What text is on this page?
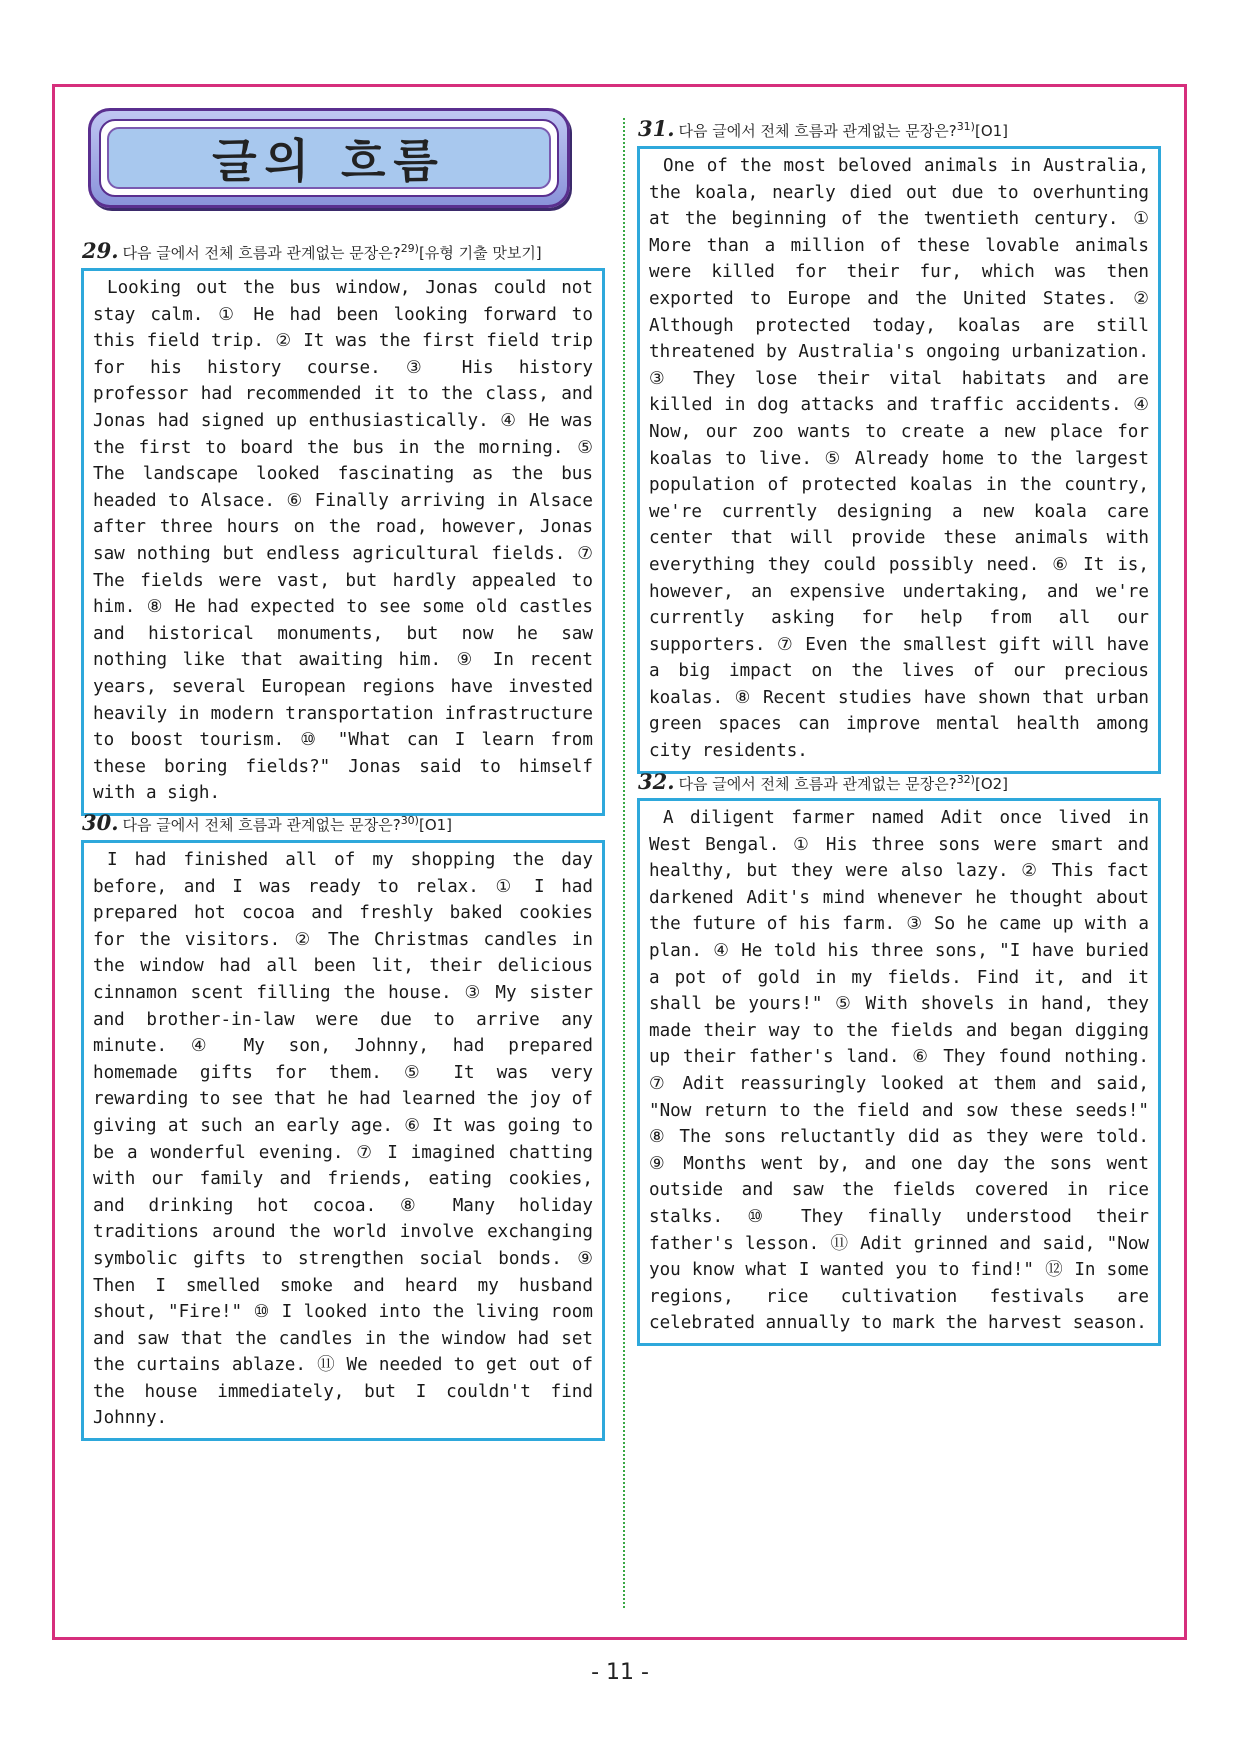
글의 흐름
29. 다음 글에서 전체 흐름과 관계없는 문장은?$^{29)}$[유형 기출 맛보기]

Looking out the bus window, Jonas could not stay calm. ① He had been looking forward to this field trip. ② It was the first field trip for his history course. ③ His history professor had recommended it to the class, and Jonas had signed up enthusiastically. ④ He was the first to board the bus in the morning. ⑤ The landscape looked fascinating as the bus headed to Alsace. ⑥ Finally arriving in Alsace after three hours on the road, however, Jonas saw nothing but endless agricultural fields. ⑦ The fields were vast, but hardly appealed to him. ⑧ He had expected to see some old castles and historical monuments, but now he saw nothing like that awaiting him. ⑨ In recent years, several European regions have invested heavily in modern transportation infrastructure to boost tourism. ⑩ "What can I learn from these boring fields?" Jonas said to himself with a sigh.

30. 다음 글에서 전체 흐름과 관계없는 문장은?$^{30)}$[O1]

I had finished all of my shopping the day before, and I was ready to relax. ① I had prepared hot cocoa and freshly baked cookies for the visitors. ② The Christmas candles in the window had all been lit, their delicious cinnamon scent filling the house. ③ My sister and brother-in-law were due to arrive any minute. ④ My son, Johnny, had prepared homemade gifts for them. ⑤ It was very rewarding to see that he had learned the joy of giving at such an early age. ⑥ It was going to be a wonderful evening. ⑦ I imagined chatting with our family and friends, eating cookies, and drinking hot cocoa. ⑧ Many holiday traditions around the world involve exchanging symbolic gifts to strengthen social bonds. ⑨ Then I smelled smoke and heard my husband shout, "Fire!" ⑩ I looked into the living room and saw that the candles in the window had set the curtains ablaze. ⑪ We needed to get out of the house immediately, but I couldn't find Johnny.

31. 다음 글에서 전체 흐름과 관계없는 문장은?$^{31)}$[O1]

One of the most beloved animals in Australia, the koala, nearly died out due to overhunting at the beginning of the twentieth century. ① More than a million of these lovable animals were killed for their fur, which was then exported to Europe and the United States. ② Although protected today, koalas are still threatened by Australia's ongoing urbanization. ③ They lose their vital habitats and are killed in dog attacks and traffic accidents. ④ Now, our zoo wants to create a new place for koalas to live. ⑤ Already home to the largest population of protected koalas in the country, we're currently designing a new koala care center that will provide these animals with everything they could possibly need. ⑥ It is, however, an expensive undertaking, and we're currently asking for help from all our supporters. ⑦ Even the smallest gift will have a big impact on the lives of our precious koalas. ⑧ Recent studies have shown that urban green spaces can improve mental health among city residents.

32. 다음 글에서 전체 흐름과 관계없는 문장은?$^{32)}$[O2]

A diligent farmer named Adit once lived in West Bengal. ① His three sons were smart and healthy, but they were also lazy. ② This fact darkened Adit's mind whenever he thought about the future of his farm. ③ So he came up with a plan. ④ He told his three sons, "I have buried a pot of gold in my fields. Find it, and it shall be yours!" ⑤ With shovels in hand, they made their way to the fields and began digging up their father's land. ⑥ They found nothing. ⑦ Adit reassuringly looked at them and said, "Now return to the field and sow these seeds!" ⑧ The sons reluctantly did as they were told. ⑨ Months went by, and one day the sons went outside and saw the fields covered in rice stalks. ⑩ They finally understood their father's lesson. ⑪ Adit grinned and said, "Now you know what I wanted you to find!" ⑫ In some regions, rice cultivation festivals are celebrated annually to mark the harvest season.

- 11 -
